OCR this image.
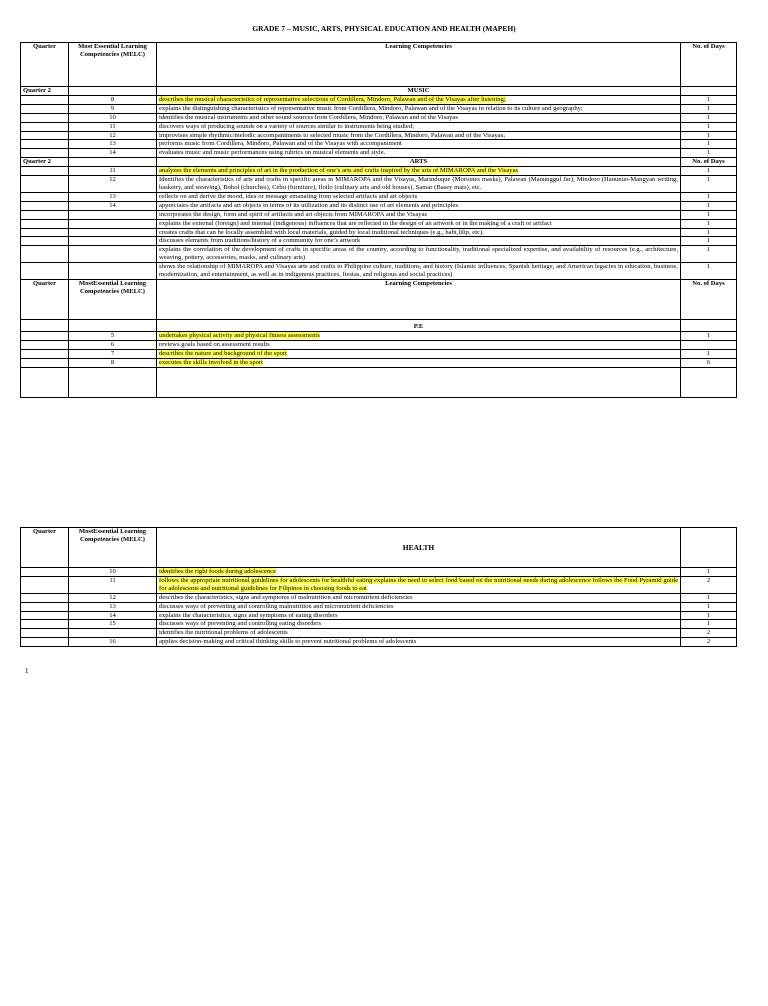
GRADE 7 – MUSIC, ARTS, PHYSICAL EDUCATION AND HEALTH (MAPEH)
Quarter	Most Essential Learning Competencies (MELC)	Learning Competencies	No. of Days
Quarter 2		MUSIC	
	8	describes the musical characteristics of representative selections of Cordillera, Mindoro, Palawan and of the Visayas after listening;	1
	9	explains the distinguishing characteristics of representative music from Cordillera, Mindoro, Palawan and of the Visayas in relation to its culture and geography;	1
	10	identifies the musical instruments and other sound sources from Cordillera, Mindoro, Palawan and of the Visayas	1
	11	discovers ways of producing sounds on a variety of sources similar to instruments being studied;	1
	12	improvises simple rhythmic/melodic accompaniments to selected music from the Cordillera, Mindoro, Palawan and of the Visayas;	1
	13	performs music from Cordillera, Mindoro, Palawan and of the Visayas with accompaniment	1
	14	evaluates music and music performances using rubrics on musical elements and style.	1
Quarter 2		ARTS	No. of Days
	11	analyzes the elements and principles of art in the production of one’s arts and crafts inspired by the arts of MIMAROPA and the Visayas	1
	12	Identifies the characteristics of arts and crafts in specific areas in MIMAROPA and the Visayas, Marinduque (Moriones masks), Palawan (Manunggul Jar), Mindoro (Hanunuo-Mangyan writing, basketry, and weaving), Bohol (churches), Cebu (furniture), Iloilo (culinary arts and old houses), Samar (Basey mats), etc.	1
	13	reflects on and derive the mood, idea or message emanating from selected artifacts and art objects	1
	14	appreciates the artifacts and art objects in terms of its utilization and its distinct use of art elements and principles	1
		incorporates the design, form and spirit of artifacts and art objects from MIMAROPA and the Visayas	1
		explains the external (foreign) and internal (indigenous) influences that are reflected in the design of an artwork or in the making of a craft or artifact	1
		creates crafts that can be locally assembled with local materials, guided by local traditional techniques (e.g., habi,lilip, etc).	1
		discusses elements from traditions/history of a community for one’s artwork	1
		explains the correlation of the development of crafts in specific areas of the country, according to functionality, traditional specialized expertise, and availability of resources (e.g., architecture, weaving, pottery, accessories, masks, and culinary arts)	1
		shows the relationship of MIMAROPA and Visayas arts and crafts to Philippine culture, traditions, and history (Islamic influences, Spanish heritage, and American legacies in education, business, modernization, and entertainment, as well as in indigenous practices, fiestas, and religious and social practices)	1
Quarter	MostEssential Learning Competencies (MELC)	Learning Competencies	No. of Days
		P.E	
	5	undertakes physical activity and physical fitness assessments	1
	6	reviews goals based on assessment results	
	7	describes the nature and background of the sport	1
	8	executes the skills involved in the sport	6

Quarter	MostEssential Learning Competencies (MELC)	HEALTH	
	10	identifies the right foods during adolescence	1
	11	follows the appropriate nutritional guidelines for adolescents for healthful eating explains the need to select food based on the nutritional needs during adolescence follows the Food Pyramid guide for adolescents and nutritional guidelines for Filipinos in choosing foods to eat	2
	12	describes the characteristics, signs and symptoms of malnutrition and micronutrient deficiencies	1
	13	discusses ways of preventing and controlling malnutrition and micronutrient deficiencies	1
	14	explains the characteristics, signs and symptoms of eating disorders	1
	15	discusses ways of preventing and controlling eating disorders	1
		identifies the nutritional problems of adolescents	2
	16	applies decision-making and critical thinking skills to prevent nutritional problems of adolescents	2
1
